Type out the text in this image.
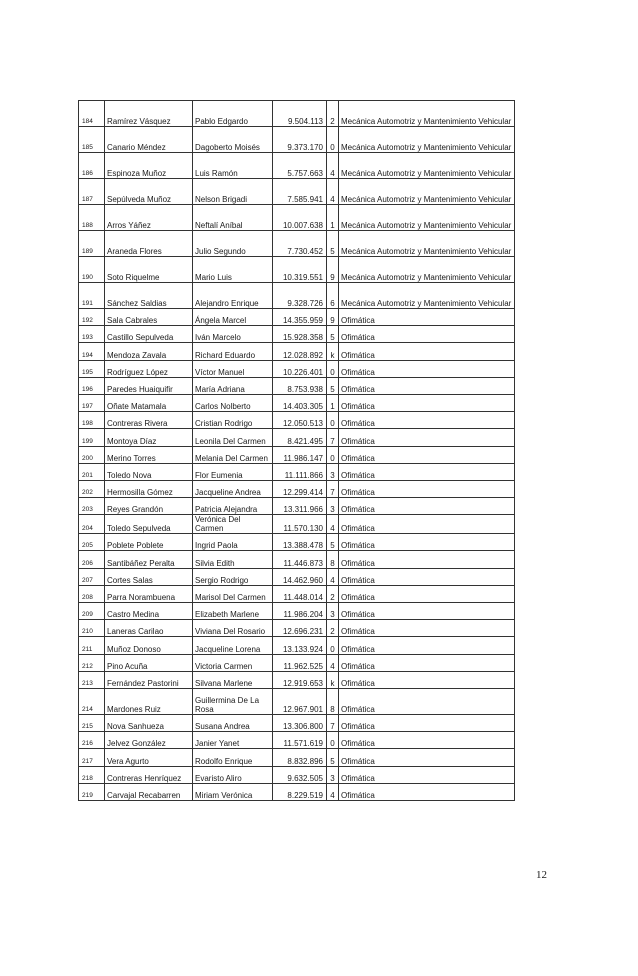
184	Ramírez Vásquez	Pablo Edgardo	9.504.113	2	Mecánica Automotriz y Mantenimiento Vehicular
185	Canario Méndez	Dagoberto Moisés	9.373.170	0	Mecánica Automotriz y Mantenimiento Vehicular
186	Espinoza Muñoz	Luis Ramón	5.757.663	4	Mecánica Automotriz y Mantenimiento Vehicular
187	Sepúlveda Muñoz	Nelson Brigadi	7.585.941	4	Mecánica Automotriz y Mantenimiento Vehicular
188	Arros Yáñez	Neftalí Aníbal	10.007.638	1	Mecánica Automotriz y Mantenimiento Vehicular
189	Araneda Flores	Julio Segundo	7.730.452	5	Mecánica Automotriz y Mantenimiento Vehicular
190	Soto Riquelme	Mario Luis	10.319.551	9	Mecánica Automotriz y Mantenimiento Vehicular
191	Sánchez Saldias	Alejandro Enrique	9.328.726	6	Mecánica Automotriz y Mantenimiento Vehicular
192	Sala Cabrales	Ángela Marcel	14.355.959	9	Ofimática
193	Castillo Sepulveda	Iván Marcelo	15.928.358	5	Ofimática
194	Mendoza Zavala	Richard Eduardo	12.028.892	k	Ofimática
195	Rodríguez López	Víctor Manuel	10.226.401	0	Ofimática
196	Paredes Huaiquifir	María Adriana	8.753.938	5	Ofimática
197	Oñate Matamala	Carlos Nolberto	14.403.305	1	Ofimática
198	Contreras Rivera	Cristian Rodrigo	12.050.513	0	Ofimática
199	Montoya Díaz	Leonila Del Carmen	8.421.495	7	Ofimática
200	Merino Torres	Melania Del Carmen	11.986.147	0	Ofimática
201	Toledo Nova	Flor Eumenia	11.111.866	3	Ofimática
202	Hermosilla Gómez	Jacqueline Andrea	12.299.414	7	Ofimática
203	Reyes Grandón	Patricia Alejandra	13.311.966	3	Ofimática
204	Toledo Sepulveda	Verónica Del Carmen	11.570.130	4	Ofimática
205	Poblete Poblete	Ingrid Paola	13.388.478	5	Ofimática
206	Santibáñez Peralta	Silvia Edith	11.446.873	8	Ofimática
207	Cortes Salas	Sergio Rodrigo	14.462.960	4	Ofimática
208	Parra Norambuena	Marisol Del Carmen	11.448.014	2	Ofimática
209	Castro Medina	Elizabeth Marlene	11.986.204	3	Ofimática
210	Laneras Carilao	Viviana Del Rosario	12.696.231	2	Ofimática
211	Muñoz Donoso	Jacqueline Lorena	13.133.924	0	Ofimática
212	Pino Acuña	Victoria Carmen	11.962.525	4	Ofimática
213	Fernández Pastorini	Silvana Marlene	12.919.653	k	Ofimática
214	Mardones Ruiz	Guillermina De La Rosa	12.967.901	8	Ofimática
215	Nova Sanhueza	Susana Andrea	13.306.800	7	Ofimática
216	Jelvez González	Janier Yanet	11.571.619	0	Ofimática
217	Vera Agurto	Rodolfo Enrique	8.832.896	5	Ofimática
218	Contreras Henríquez	Evaristo Aliro	9.632.505	3	Ofimática
219	Carvajal Recabarren	Miriam Verónica	8.229.519	4	Ofimática
12
